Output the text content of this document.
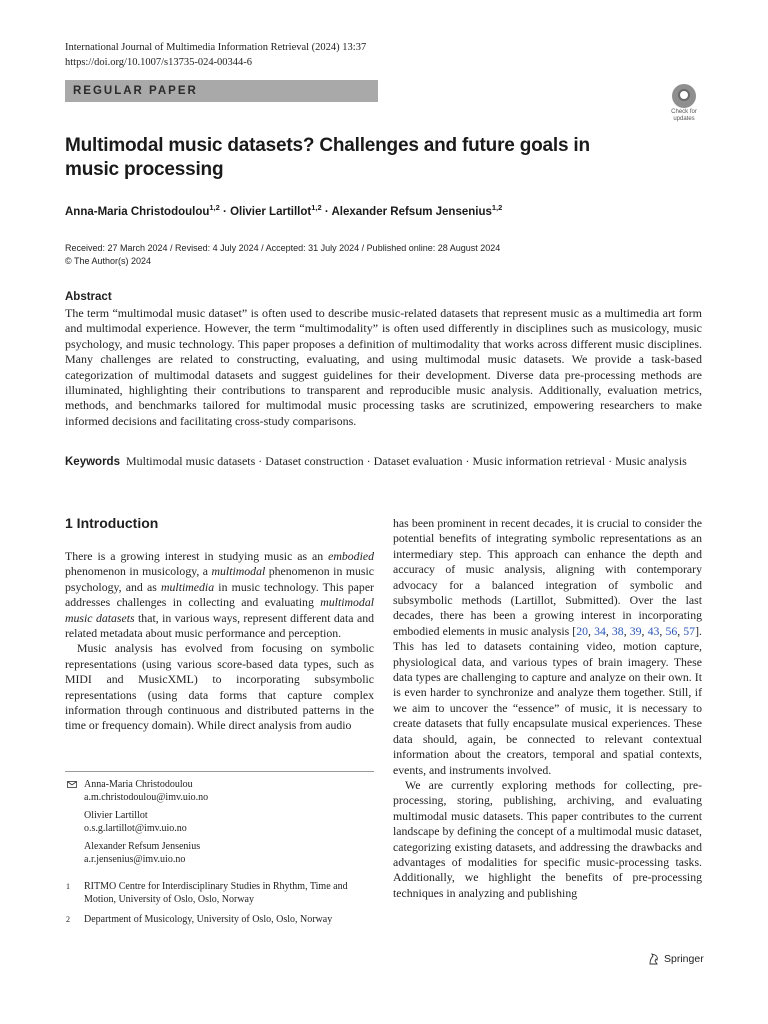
International Journal of Multimedia Information Retrieval (2024) 13:37
https://doi.org/10.1007/s13735-024-00344-6
REGULAR PAPER
Check for
updates
Multimodal music datasets? Challenges and future goals in music processing
Anna-Maria Christodoulou$^{1,2}$ · Olivier Lartillot$^{1,2}$ · Alexander Refsum Jensenius$^{1,2}$
Received: 27 March 2024 / Revised: 4 July 2024 / Accepted: 31 July 2024 / Published online: 28 August 2024
© The Author(s) 2024
Abstract
The term “multimodal music dataset” is often used to describe music-related datasets that represent music as a multimedia art form and multimodal experience. However, the term “multimodality” is often used differently in disciplines such as musicology, music psychology, and music technology. This paper proposes a definition of multimodality that works across different music disciplines. Many challenges are related to constructing, evaluating, and using multimodal music datasets. We provide a task-based categorization of multimodal datasets and suggest guidelines for their development. Diverse data pre-processing methods are illuminated, highlighting their contributions to transparent and reproducible music analysis. Additionally, evaluation metrics, methods, and benchmarks tailored for multimodal music processing tasks are scrutinized, empowering researchers to make informed decisions and facilitating cross-study comparisons.
Keywords Multimodal music datasets · Dataset construction · Dataset evaluation · Music information retrieval · Music analysis
1 Introduction

There is a growing interest in studying music as an embodied phenomenon in musicology, a multimodal phenomenon in music psychology, and as multimedia in music technology. This paper addresses challenges in collecting and evaluating multimodal music datasets that, in various ways, represent different data and related metadata about music performance and perception.

Music analysis has evolved from focusing on symbolic representations (using various score-based data types, such as MIDI and MusicXML) to incorporating subsymbolic representations (using data forms that capture complex information through continuous and distributed patterns in the time or frequency domain). While direct analysis from audio

Anna-Maria Christodoulou
a.m.christodoulou@imv.uio.no
Olivier Lartillot
o.s.g.lartillot@imv.uio.no
Alexander Refsum Jensenius
a.r.jensenius@imv.uio.no
1 RITMO Centre for Interdisciplinary Studies in Rhythm, Time and Motion, University of Oslo, Oslo, Norway
2 Department of Musicology, University of Oslo, Oslo, Norway

has been prominent in recent decades, it is crucial to consider the potential benefits of integrating symbolic representations as an intermediary step. This approach can enhance the depth and accuracy of music analysis, aligning with contemporary advocacy for a balanced integration of symbolic and subsymbolic methods (Lartillot, Submitted). Over the last decades, there has been a growing interest in incorporating embodied elements in music analysis [20, 34, 38, 39, 43, 56, 57]. This has led to datasets containing video, motion capture, physiological data, and various types of brain imagery. These data types are challenging to capture and analyze on their own. It is even harder to synchronize and analyze them together. Still, if we aim to uncover the “essence” of music, it is necessary to create datasets that fully encapsulate musical experiences. These data should, again, be connected to relevant contextual information about the creators, temporal and spatial contexts, events, and instruments involved.

We are currently exploring methods for collecting, pre-processing, storing, publishing, archiving, and evaluating multimodal music datasets. This paper contributes to the current landscape by defining the concept of a multimodal music dataset, categorizing existing datasets, and addressing the drawbacks and advantages of modalities for specific music-processing tasks. Additionally, we highlight the benefits of pre-processing techniques in analyzing and publishing

Springer
